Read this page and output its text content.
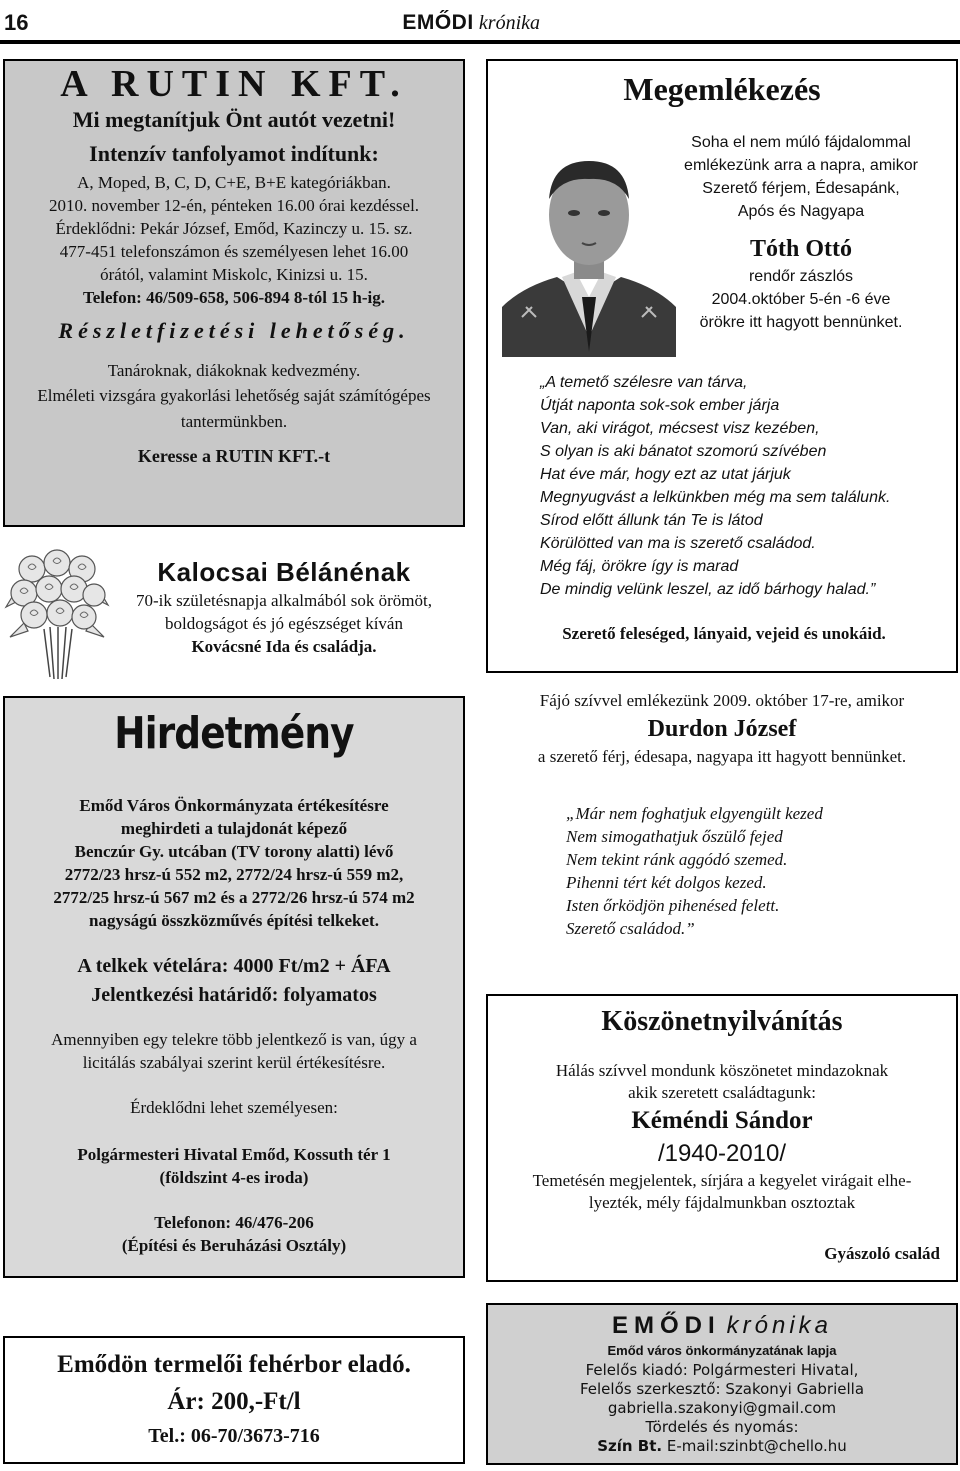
16	EMŐDI krónika
A RUTIN KFT.
Mi megtanítjuk Önt autót vezetni!
Intenzív tanfolyamot indítunk:
A, Moped, B, C, D, C+E, B+E kategóriákban.
2010. november 12-én, pénteken 16.00 órai kezdéssel.
Érdeklődni: Pekár József, Emőd, Kazinczy u. 15. sz.
477-451 telefonszámon és személyesen lehet 16.00
órától, valamint Miskolc, Kinizsi u. 15.
Telefon: 46/509-658, 506-894 8-tól 15 h-ig.
Részletfizetési lehetőség.
Tanároknak, diákoknak kedvezmény.
Elméleti vizsgára gyakorlási lehetőség saját számítógépes
tantermünkben.
Keresse a RUTIN KFT.-t
Kalocsai Bélánénak
70-ik születésnapja alkalmából sok örömöt,
boldogságot és jó egészséget kíván
Kovácsné Ida és családja.
Hirdetmény
Emőd Város Önkormányzata értékesítésre
meghirdeti a tulajdonát képező
Benczúr Gy. utcában (TV torony alatti) lévő
2772/23 hrsz-ú 552 m2, 2772/24 hrsz-ú 559 m2,
2772/25 hrsz-ú 567 m2 és a 2772/26 hrsz-ú 574 m2
nagyságú összközművés építési telkeket.
A telkek vételára: 4000 Ft/m2 + ÁFA
Jelentkezési határidő: folyamatos
Amennyiben egy telekre több jelentkező is van, úgy a
licitálás szabályai szerint kerül értékesítésre.
Érdeklődni lehet személyesen:
Polgármesteri Hivatal Emőd, Kossuth tér 1
(földszint 4-es iroda)
Telefonon: 46/476-206
(Építési és Beruházási Osztály)
Emődön termelői fehérbor eladó.
Ár: 200,-Ft/l
Tel.: 06-70/3673-716
Megemlékezés
Soha el nem múló fájdalommal
emlékezünk arra a napra, amikor
Szerető férjem, Édesapánk,
Após és Nagyapa
Tóth Ottó
rendőr zászlós
2004.október 5-én -6 éve
örökre itt hagyott bennünket.
„A temető szélesre van tárva,
Útját naponta sok-sok ember járja
Van, aki virágot, mécsest visz kezében,
S olyan is aki bánatot szomorú szívében
Hat éve már, hogy ezt az utat járjuk
Megnyugvást a lelkünkben még ma sem találunk.
Sírod előtt állunk tán Te is látod
Körülötted van ma is szerető családod.
Még fáj, örökre így is marad
De mindig velünk leszel, az idő bárhogy halad.”
Szerető feleséged, lányaid, vejeid és unokáid.
Fájó szívvel emlékezünk 2009. október 17-re, amikor
Durdon József
a szerető férj, édesapa, nagyapa itt hagyott bennünket.
„Már nem foghatjuk elgyengült kezed
Nem simogathatjuk őszülő fejed
Nem tekint ránk aggódó szemed.
Pihenni tért két dolgos kezed.
Isten őrködjön pihenésed felett.
Szerető családod.”
Köszönetnyilvánítás
Hálás szívvel mondunk köszönetet mindazoknak
akik szeretett családtagunk:
Kéméndi Sándor
/1940-2010/
Temetésén megjelentek, sírjára a kegyelet virágait elhe-
lyezték, mély fájdalmunkban osztoztak
Gyászoló család
EMŐDI krónika
Emőd város önkormányzatának lapja
Felelős kiadó: Polgármesteri Hivatal,
Felelős szerkesztő: Szakonyi Gabriella
gabriella.szakonyi@gmail.com
Tördelés és nyomás:
Szín Bt. E-mail:szinbt@chello.hu
